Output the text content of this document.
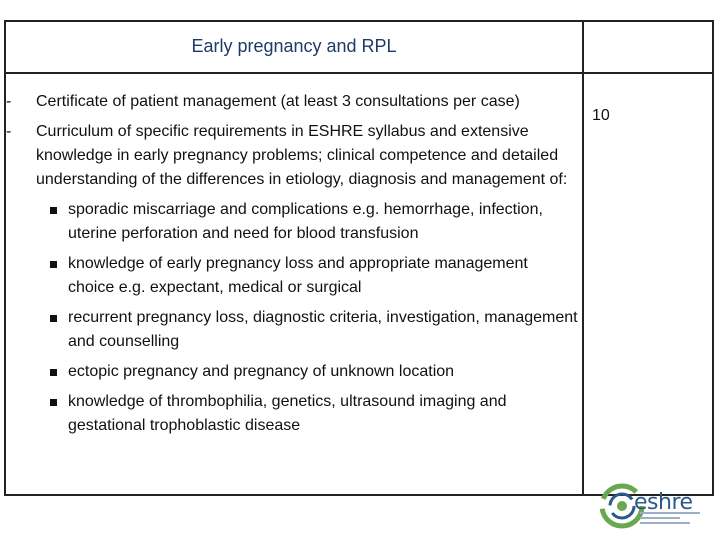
Early pregnancy and RPL
10
- Certificate of patient management (at least 3 consultations per case)
- Curriculum of specific requirements in ESHRE syllabus and extensive knowledge in early pregnancy problems; clinical competence and detailed understanding of the differences in etiology, diagnosis and management of:
sporadic miscarriage and complications e.g. hemorrhage, infection, uterine perforation and need for blood transfusion
knowledge of early pregnancy loss and appropriate management choice e.g. expectant, medical or surgical
recurrent pregnancy loss, diagnostic criteria, investigation, management and counselling
ectopic pregnancy and pregnancy of unknown location
knowledge of thrombophilia, genetics, ultrasound imaging and gestational trophoblastic disease
eshre
